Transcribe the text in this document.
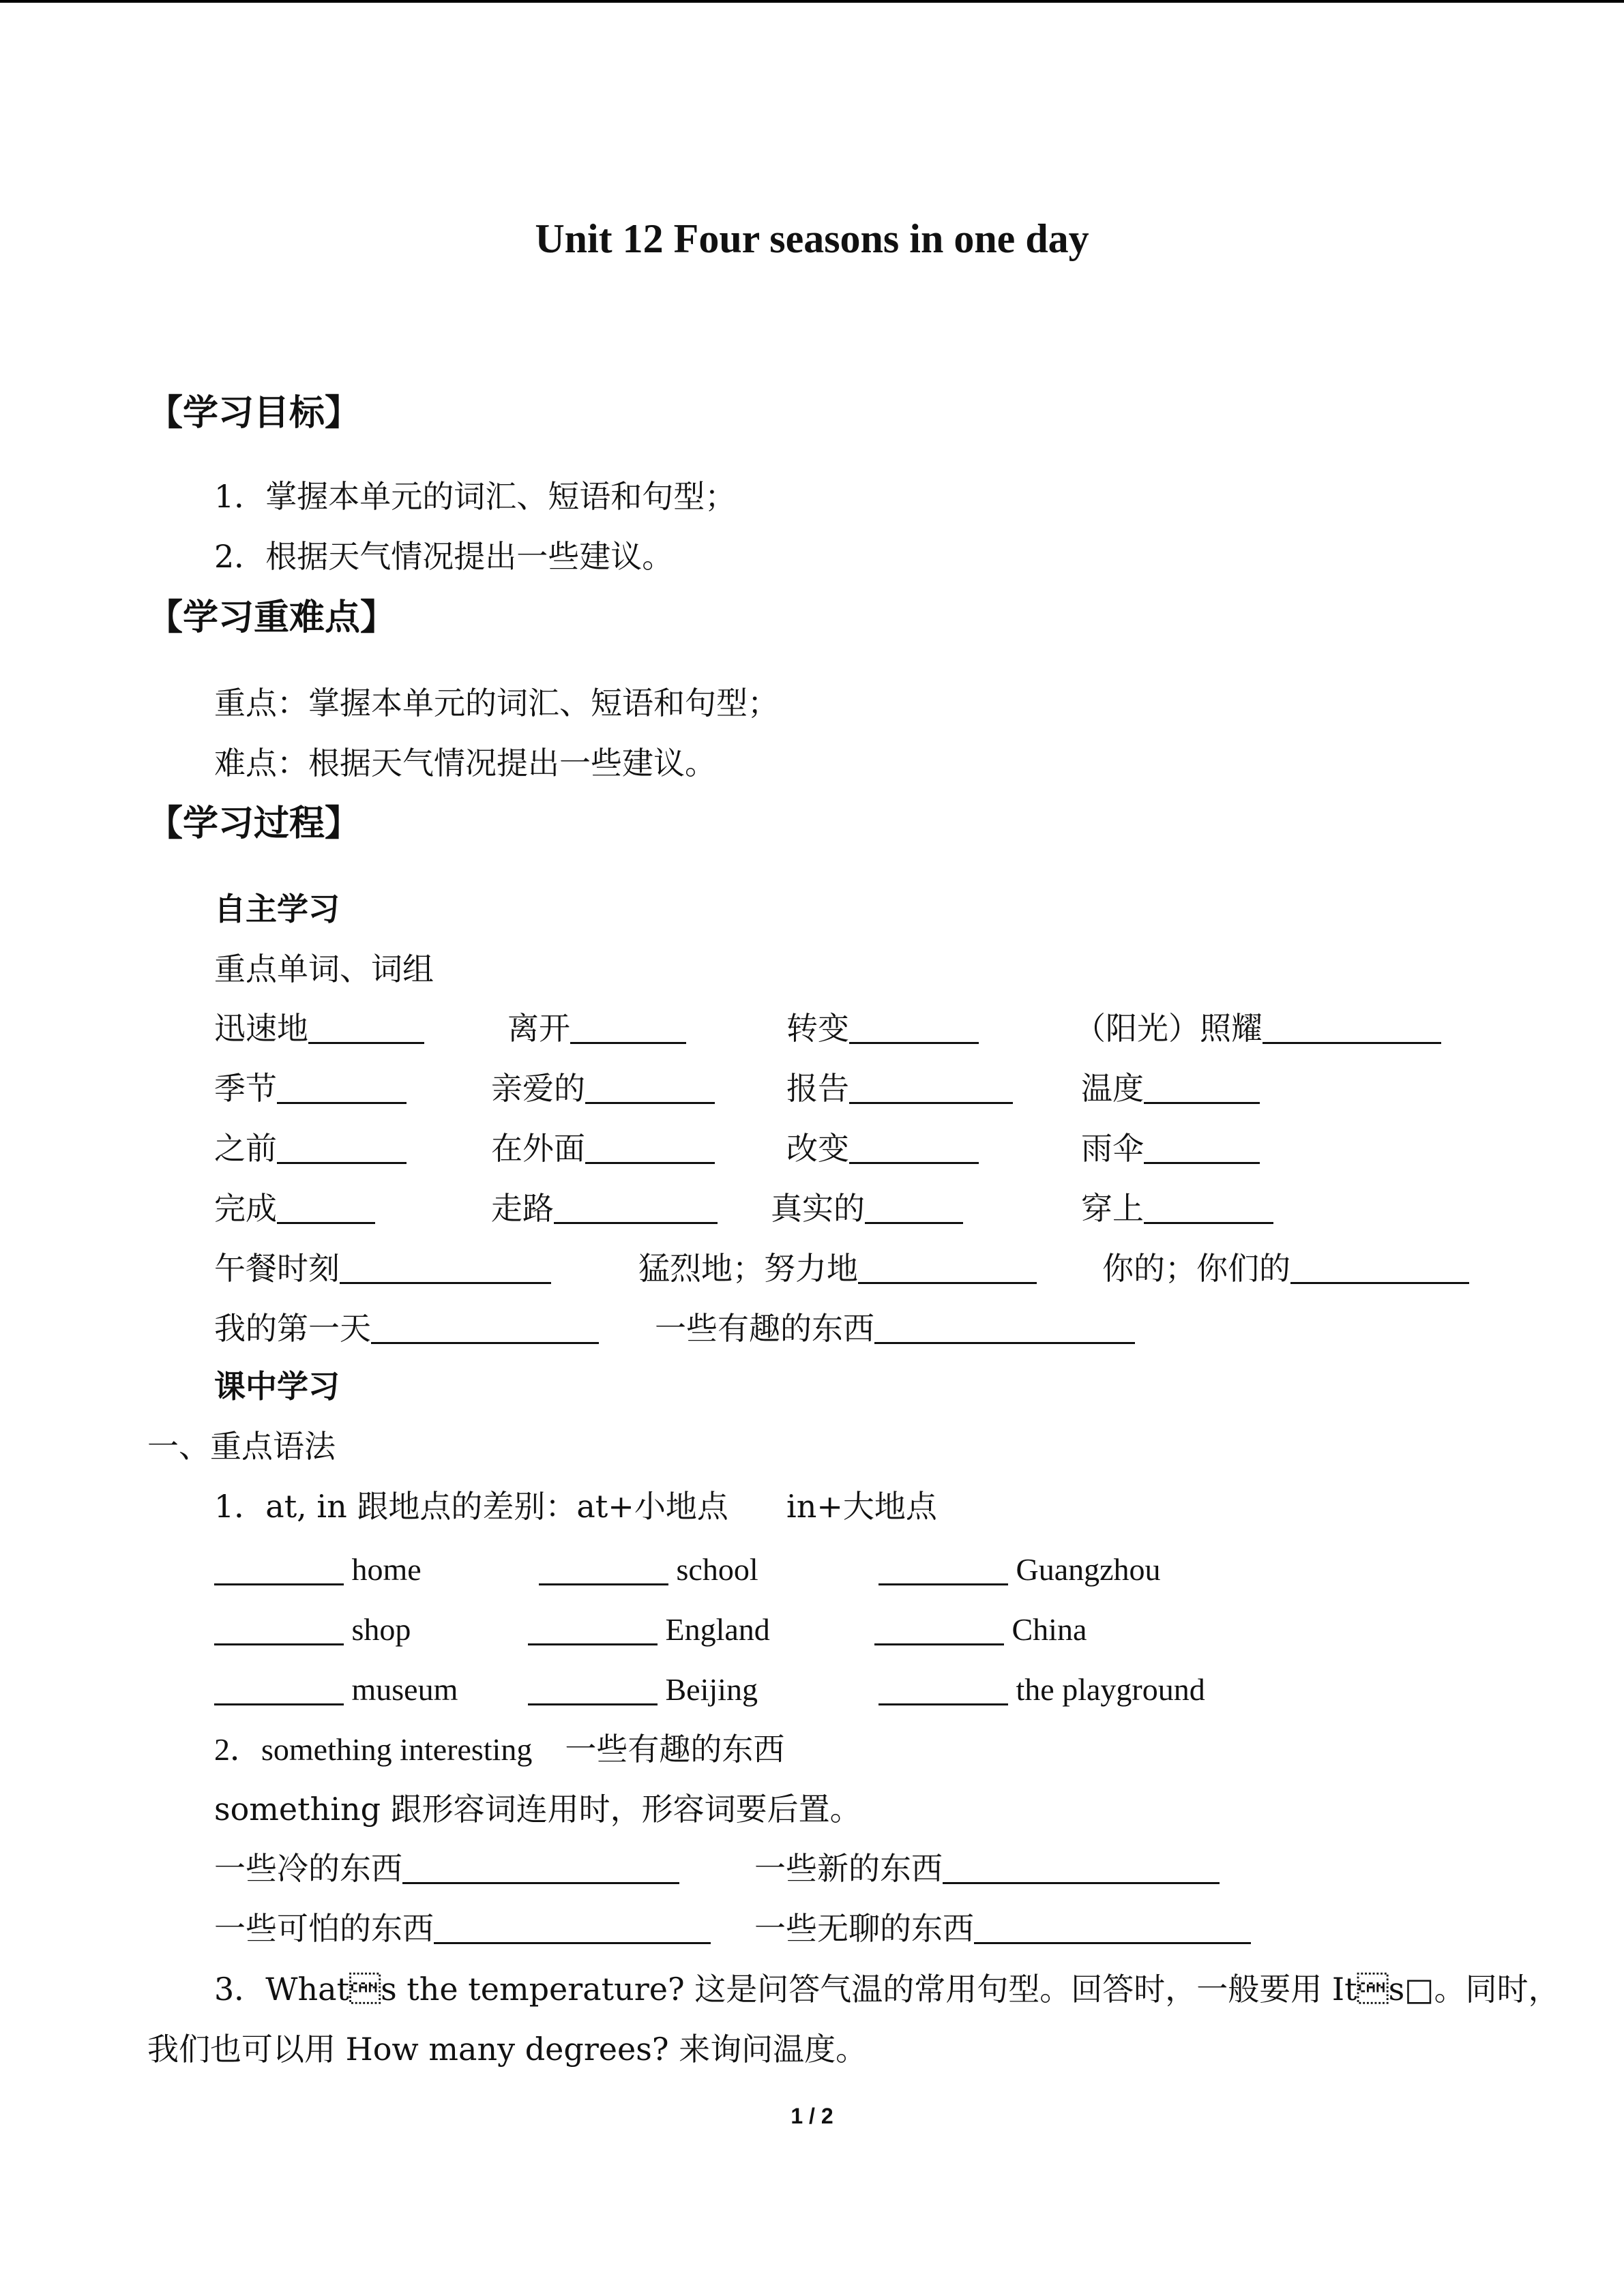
Unit 12 Four seasons in one day
【学习目标】
1．掌握本单元的词汇、短语和句型；
2．根据天气情况提出一些建议。
【学习重难点】
重点：掌握本单元的词汇、短语和句型；
难点：根据天气情况提出一些建议。
【学习过程】
自主学习
重点单词、词组
迅速地	离开	转变	（阳光）照耀
季节	亲爱的	报告	温度
之前	在外面	改变	雨伞
完成	走路	真实的	穿上
午餐时刻	猛烈地；努力地	你的；你们的
我的第一天	一些有趣的东西
课中学习
一、重点语法
1．at, in 跟地点的差别：at+小地点 in+大地点
home	school	Guangzhou
shop	England	China
museum	Beijing	the playground
2．something interesting 一些有趣的东西
something 跟形容词连用时，形容词要后置。
一些冷的东西	一些新的东西
一些可怕的东西	一些无聊的东西
3．Whats the temperature? 这是问答气温的常用句型。回答时，一般要用 Its□。同时，
我们也可以用 How many degrees? 来询问温度。
1 / 2
